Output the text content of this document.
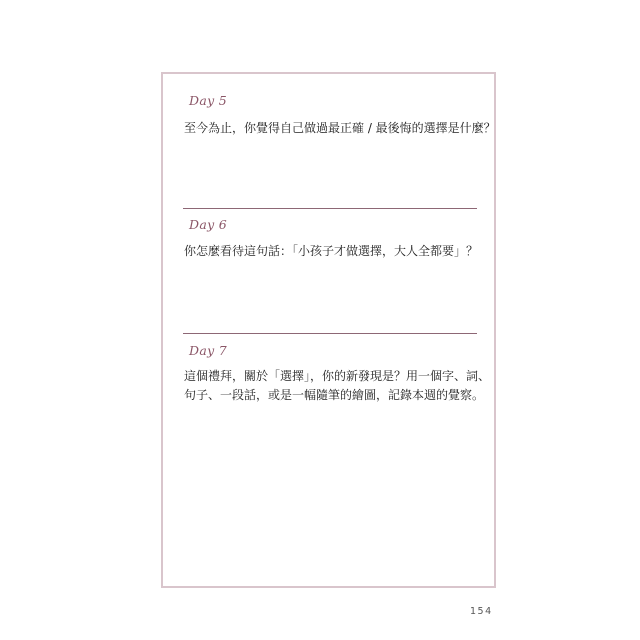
Day 5
至今為止，你覺得自己做過最正確 / 最後悔的選擇是什麼？
Day 6
你怎麼看待這句話：「小孩子才做選擇，大人全都要」？
Day 7
這個禮拜，關於「選擇」，你的新發現是？用一個字、詞、
句子、一段話，或是一幅隨筆的繪圖，記錄本週的覺察。
154
